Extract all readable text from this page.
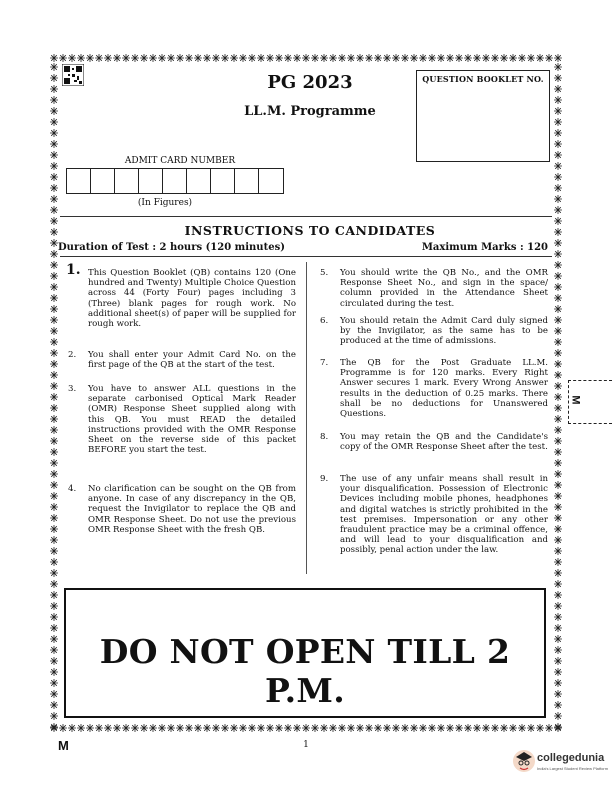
PG 2023
LL.M. Programme
QUESTION BOOKLET NO.
ADMIT CARD NUMBER
(In Figures)
INSTRUCTIONS TO CANDIDATES
Duration of Test : 2 hours (120 minutes)	Maximum Marks : 120
1. This Question Booklet (QB) contains 120 (One hundred and Twenty) Multiple Choice Question across 44 (Forty Four) pages including 3 (Three) blank pages for rough work. No additional sheet(s) of paper will be supplied for rough work.
2. You shall enter your Admit Card No. on the first page of the QB at the start of the test.
3. You have to answer ALL questions in the separate carbonised Optical Mark Reader (OMR) Response Sheet supplied along with this QB. You must READ the detailed instructions provided with the OMR Response Sheet on the reverse side of this packet BEFORE you start the test.
4. No clarification can be sought on the QB from anyone. In case of any discrepancy in the QB, request the Invigilator to replace the QB and OMR Response Sheet. Do not use the previous OMR Response Sheet with the fresh QB.
5. You should write the QB No., and the OMR Response Sheet No., and sign in the space/ column provided in the Attendance Sheet circulated during the test.
6. You should retain the Admit Card duly signed by the Invigilator, as the same has to be produced at the time of admissions.
7. The QB for the Post Graduate LL.M. Programme is for 120 marks. Every Right Answer secures 1 mark. Every Wrong Answer results in the deduction of 0.25 marks. There shall be no deductions for Unanswered Questions.
8. You may retain the QB and the Candidate's copy of the OMR Response Sheet after the test.
9. The use of any unfair means shall result in your disqualification. Possession of Electronic Devices including mobile phones, headphones and digital watches is strictly prohibited in the test premises. Impersonation or any other fraudulent practice may be a criminal offence, and will lead to your disqualification and possibly, penal action under the law.
DO NOT OPEN TILL 2 P.M.
M	1
M
collegedunia
India's Largest Student Review Platform
